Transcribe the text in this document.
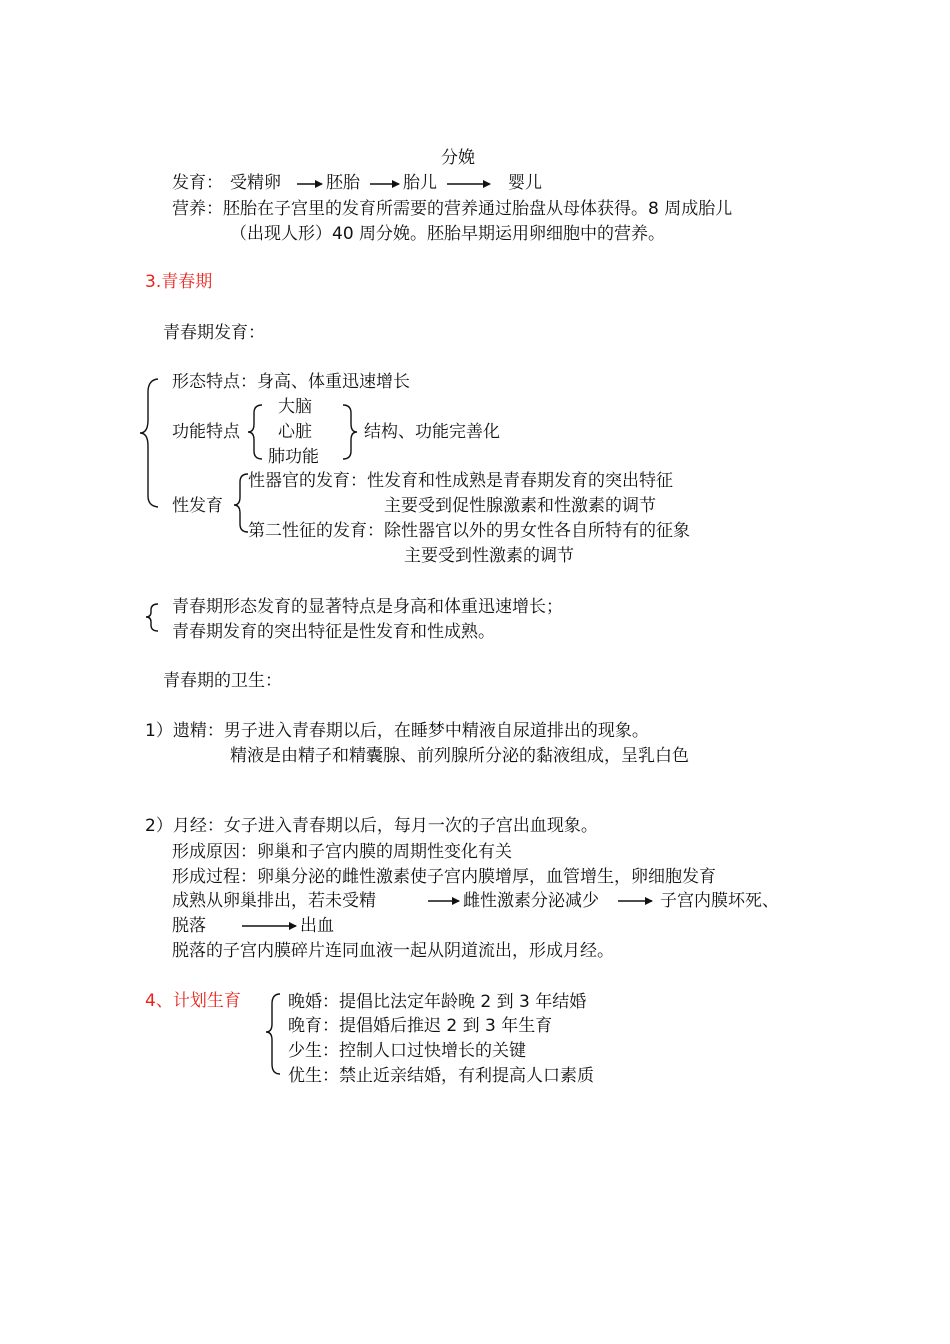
分娩
发育： 受精卵	胚胎	胎儿	婴儿
营养：胚胎在子宫里的发育所需要的营养通过胎盘从母体获得。8 周成胎儿
（出现人形）40 周分娩。胚胎早期运用卵细胞中的营养。
3.青春期
青春期发育：
形态特点：身高、体重迅速增长
功能特点
大脑
心脏
肺功能
结构、功能完善化
性发育
性器官的发育：性发育和性成熟是青春期发育的突出特征
主要受到促性腺激素和性激素的调节
第二性征的发育：除性器官以外的男女性各自所特有的征象
主要受到性激素的调节
青春期形态发育的显著特点是身高和体重迅速增长；
青春期发育的突出特征是性发育和性成熟。
青春期的卫生：
1）遗精：男子进入青春期以后，在睡梦中精液自尿道排出的现象。
精液是由精子和精囊腺、前列腺所分泌的黏液组成，呈乳白色
2）月经：女子进入青春期以后，每月一次的子宫出血现象。
形成原因：卵巢和子宫内膜的周期性变化有关
形成过程：卵巢分泌的雌性激素使子宫内膜增厚，血管增生，卵细胞发育
成熟从卵巢排出，若未受精	雌性激素分泌减少	子宫内膜坏死、
脱落	出血
脱落的子宫内膜碎片连同血液一起从阴道流出，形成月经。
4、计划生育	晚婚：提倡比法定年龄晚 2 到 3 年结婚
晚育：提倡婚后推迟 2 到 3 年生育
少生：控制人口过快增长的关键
优生：禁止近亲结婚，有利提高人口素质
